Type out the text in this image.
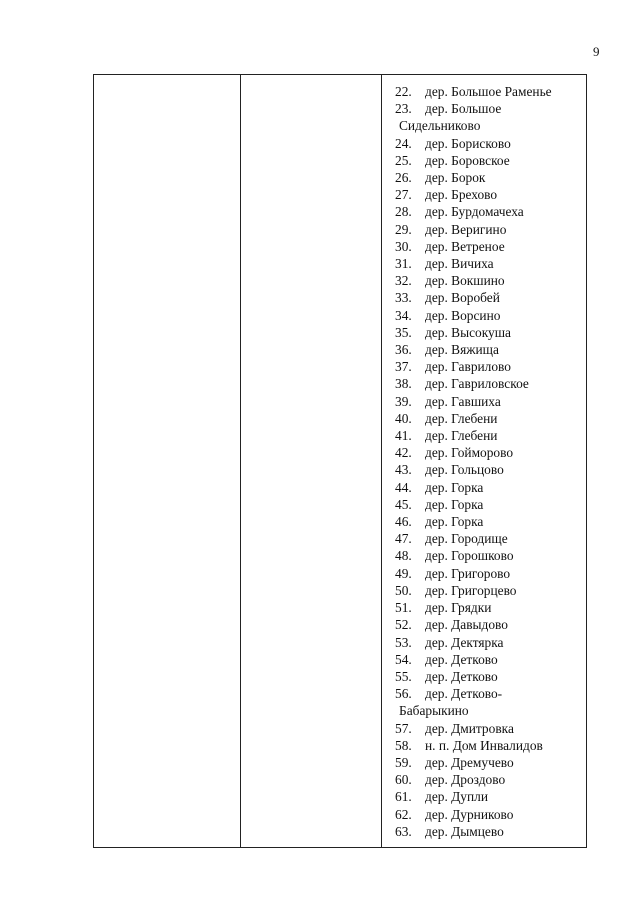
9
22. дер. Большое Раменье
23. дер. Большое
Сидельниково
24. дер. Борисково
25. дер. Боровское
26. дер. Борок
27. дер. Брехово
28. дер. Бурдомачеха
29. дер. Веригино
30. дер. Ветреное
31. дер. Вичиха
32. дер. Вокшино
33. дер. Воробей
34. дер. Ворсино
35. дер. Высокуша
36. дер. Вяжища
37. дер. Гаврилово
38. дер. Гавриловское
39. дер. Гавшиха
40. дер. Глебени
41. дер. Глебени
42. дер. Гойморово
43. дер. Гольцово
44. дер. Горка
45. дер. Горка
46. дер. Горка
47. дер. Городище
48. дер. Горошково
49. дер. Григорово
50. дер. Григорцево
51. дер. Грядки
52. дер. Давыдово
53. дер. Дектярка
54. дер. Детково
55. дер. Детково
56. дер. Детково-
Бабарыкино
57. дер. Дмитровка
58. н. п. Дом Инвалидов
59. дер. Дремучево
60. дер. Дроздово
61. дер. Дупли
62. дер. Дурниково
63. дер. Дымцево
